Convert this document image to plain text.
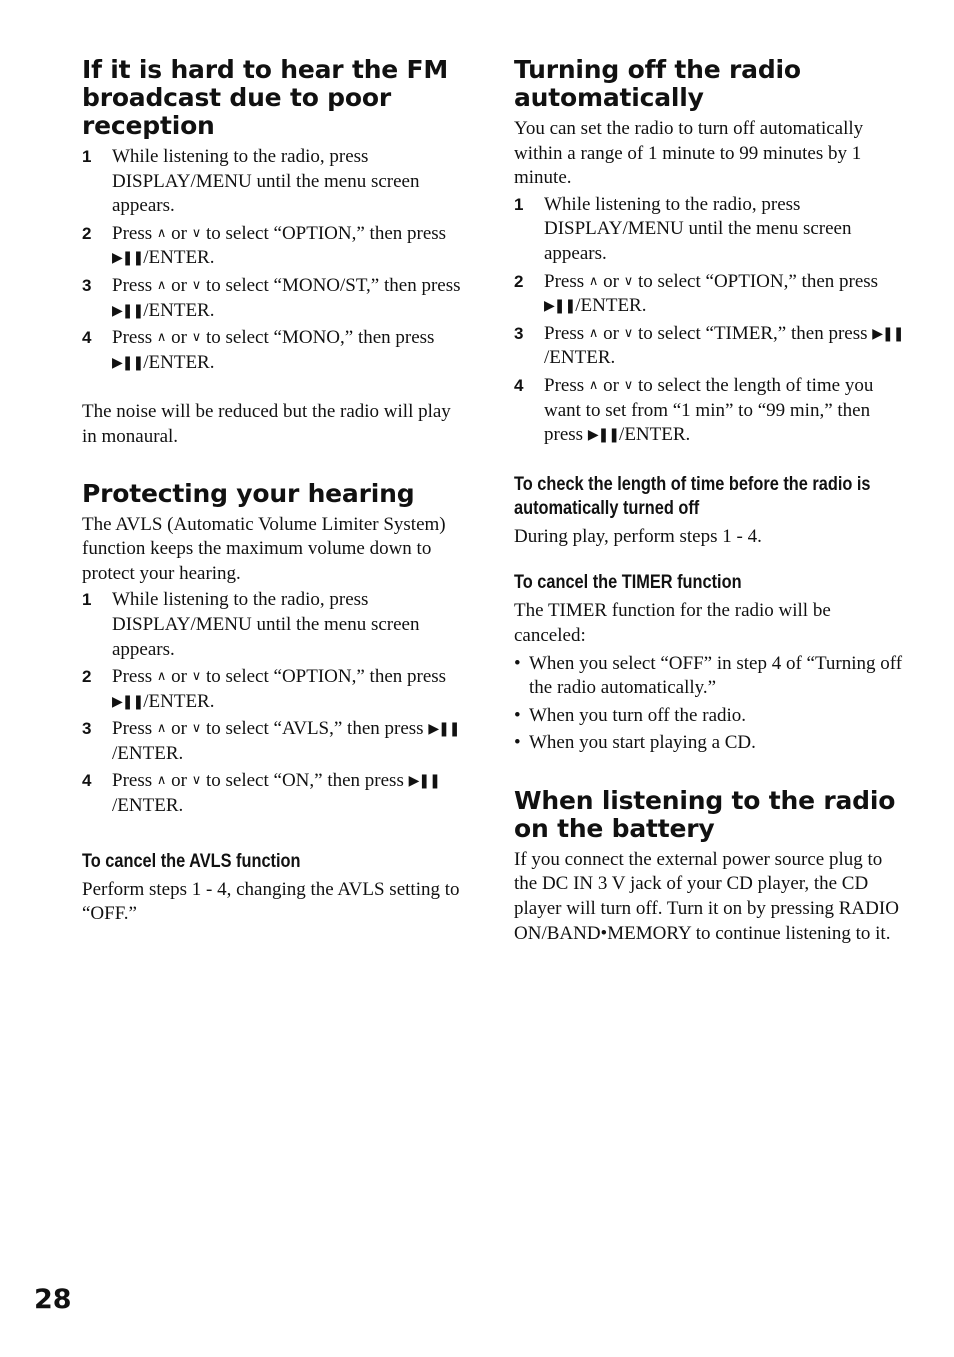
If it is hard to hear the FM broadcast due to poor reception
1	While listening to the radio, press DISPLAY/MENU until the menu screen appears.
2	Press ∧ or ∨ to select “OPTION,” then press ▶❚❚/ENTER.
3	Press ∧ or ∨ to select “MONO/ST,” then press ▶❚❚/ENTER.
4	Press ∧ or ∨ to select “MONO,” then press ▶❚❚/ENTER.

The noise will be reduced but the radio will play in monaural.

Protecting your hearing

The AVLS (Automatic Volume Limiter System) function keeps the maximum volume down to protect your hearing.

1	While listening to the radio, press DISPLAY/MENU until the menu screen appears.
2	Press ∧ or ∨ to select “OPTION,” then press ▶❚❚/ENTER.
3	Press ∧ or ∨ to select “AVLS,” then press ▶❚❚/ENTER.
4	Press ∧ or ∨ to select “ON,” then press ▶❚❚/ENTER.
To cancel the AVLS function

Perform steps 1 - 4, changing the AVLS setting to “OFF.”

Turning off the radio automatically

You can set the radio to turn off automatically within a range of 1 minute to 99 minutes by 1 minute.

1	While listening to the radio, press DISPLAY/MENU until the menu screen appears.
2	Press ∧ or ∨ to select “OPTION,” then press ▶❚❚/ENTER.
3	Press ∧ or ∨ to select “TIMER,” then press ▶❚❚/ENTER.
4	Press ∧ or ∨ to select the length of time you want to set from “1 min” to “99 min,” then press ▶❚❚/ENTER.
To check the length of time before the radio is automatically turned off

During play, perform steps 1 - 4.

To cancel the TIMER function

The TIMER function for the radio will be canceled:

• When you select “OFF” in step 4 of “Turning off the radio automatically.”
• When you turn off the radio.
• When you start playing a CD.
When listening to the radio on the battery

If you connect the external power source plug to the DC IN 3 V jack of your CD player, the CD player will turn off. Turn it on by pressing RADIO ON/BAND•MEMORY to continue listening to it.

28
